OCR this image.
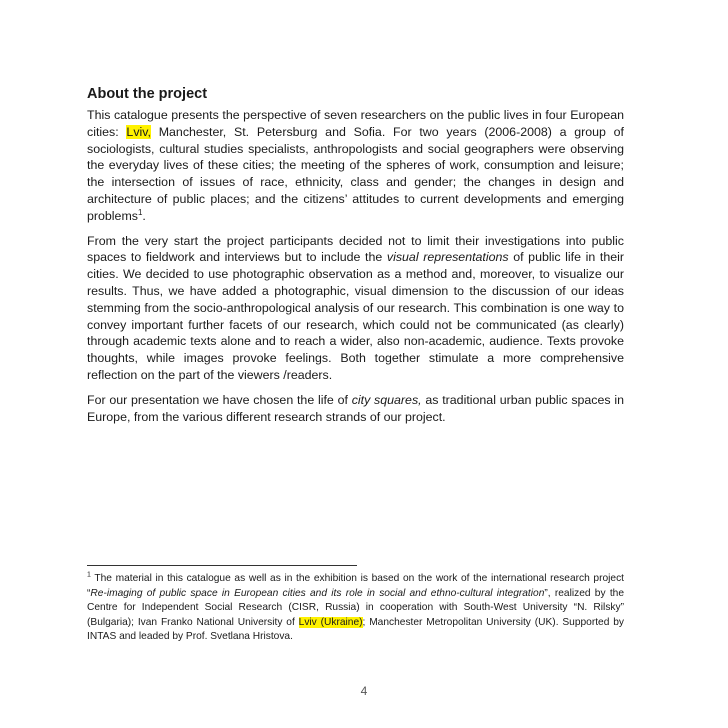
About the project

This catalogue presents the perspective of seven researchers on the public lives in four European cities: Lviv, Manchester, St. Petersburg and Sofia. For two years (2006-2008) a group of sociologists, cultural studies specialists, anthropologists and social geographers were observing the everyday lives of these cities; the meeting of the spheres of work, consumption and leisure; the intersection of issues of race, ethnicity, class and gender; the changes in design and architecture of public places; and the citizens’ attitudes to current developments and emerging problems$^1$.

From the very start the project participants decided not to limit their investigations into public spaces to fieldwork and interviews but to include the visual representations of public life in their cities. We decided to use photographic observation as a method and, moreover, to visualize our results. Thus, we have added a photographic, visual dimension to the discussion of our ideas stemming from the socio-anthropological analysis of our research. This combination is one way to convey important further facets of our research, which could not be communicated (as clearly) through academic texts alone and to reach a wider, also non-academic, audience. Texts provoke thoughts, while images provoke feelings. Both together stimulate a more comprehensive reflection on the part of the viewers /readers.

For our presentation we have chosen the life of city squares, as traditional urban public spaces in Europe, from the various different research strands of our project.

$^1$ The material in this catalogue as well as in the exhibition is based on the work of the international research project “Re-imaging of public space in European cities and its role in social and ethno-cultural integration”, realized by the Centre for Independent Social Research (CISR, Russia) in cooperation with South-West University “N. Rilsky” (Bulgaria); Ivan Franko National University of Lviv (Ukraine); Manchester Metropolitan University (UK). Supported by INTAS and leaded by Prof. Svetlana Hristova.

4
